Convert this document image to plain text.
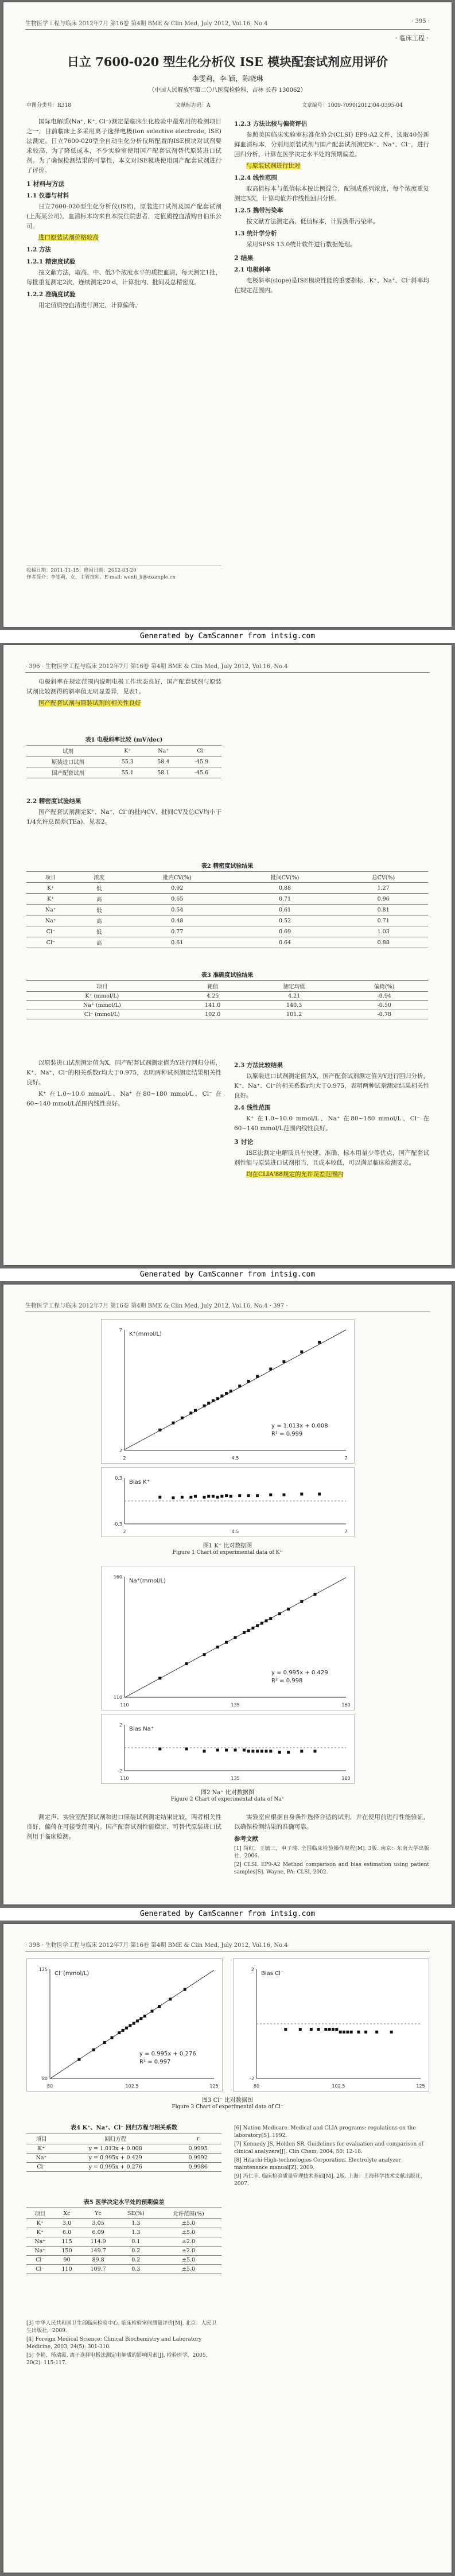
生物医学工程与临床 2012年7月 第16卷 第4期 BME & Clin Med, July 2012, Vol.16, No.4	· 395 ·
· 临床工程 ·
日立 7600-020 型生化分析仪 ISE 模块配套试剂应用评价
李雯莉，李 颖，陈晓琳
（中国人民解放军第二〇八医院检验科，吉林 长春 130062）
中图分类号：R318	文献标志码：A	文章编号：1009-7090(2012)04-0395-04

国际电解质(Na⁺, K⁺, Cl⁻)测定是临床生化检验中最常用的检测项目之一，目前临床上多采用离子选择电极(ion selective electrode, ISE)法测定。日立7600-020型全自动生化分析仪所配置的ISE模块对试剂要求较高，为了降低成本，不少实验室使用国产配套试剂替代原装进口试剂。为了确保检测结果的可靠性，本文对ISE模块使用国产配套试剂进行了评价。

1 材料与方法
1.1 仪器与材料

日立7600-020型生化分析仪(ISE)，原装进口试剂及国产配套试剂(上海某公司)，血清标本均来自本院住院患者，定值质控血清购自伯乐公司。

进口原装试剂价格较高

1.2 方法
1.2.1 精密度试验

按文献方法，取高、中、低3个浓度水平的质控血清，每天测定1批，每批重复测定2次，连续测定20 d，计算批内、批间及总精密度。

1.2.2 准确度试验

用定值质控血清进行测定，计算偏倚。

1.2.3 方法比较与偏倚评估

参照美国临床实验室标准化协会(CLSI) EP9-A2文件，选取40份新鲜血清标本，分别用原装试剂与国产配套试剂测定K⁺、Na⁺、Cl⁻，进行回归分析，计算在医学决定水平处的预期偏差。

与原装试剂进行比对

1.2.4 线性范围

取高值标本与低值标本按比例混合，配制成系列浓度，每个浓度重复测定3次，计算均值并作线性回归分析。

1.2.5 携带污染率

按文献方法测定高、低值标本，计算携带污染率。

1.3 统计学分析

采用SPSS 13.0统计软件进行数据处理。

2 结果
2.1 电极斜率

电极斜率(slope)是ISE模块性能的重要指标，K⁺、Na⁺、Cl⁻斜率均在规定范围内。

收稿日期：2011-11-15；修回日期：2012-03-20
作者简介：李雯莉，女，主管技师。E-mail: wenli_li@example.cn
Generated by CamScanner from intsig.com
· 396 · 生物医学工程与临床 2012年7月 第16卷 第4期 BME & Clin Med, July 2012, Vol.16, No.4

电极斜率在规定范围内说明电极工作状态良好，国产配套试剂与原装试剂比较测得的斜率值无明显差异，见表1。

国产配套试剂与原装试剂的相关性良好

表1 电极斜率比较 (mV/dec)
试剂	K⁺	Na⁺	Cl⁻
原装进口试剂	55.3	58.4	-45.9
国产配套试剂	55.1	58.1	-45.6
2.2 精密度试验结果

国产配套试剂测定K⁺、Na⁺、Cl⁻的批内CV、批间CV及总CV均小于1/4允许总误差(TEa)，见表2。

表2 精密度试验结果
项目	浓度	批内CV(%)	批间CV(%)	总CV(%)
K⁺	低	0.92	0.88	1.27
K⁺	高	0.65	0.71	0.96
Na⁺	低	0.54	0.61	0.81
Na⁺	高	0.48	0.52	0.71
Cl⁻	低	0.77	0.69	1.03
Cl⁻	高	0.61	0.64	0.88
表3 准确度试验结果
项目	靶值	测定均值	偏倚(%)
K⁺ (mmol/L)	4.25	4.21	-0.94
Na⁺ (mmol/L)	141.0	140.3	-0.50
Cl⁻ (mmol/L)	102.0	101.2	-0.78
2.3 方法比较结果

以原装进口试剂测定值为X，国产配套试剂测定值为Y进行回归分析，K⁺、Na⁺、Cl⁻的相关系数r均大于0.975，表明两种试剂测定结果相关性良好。

2.4 线性范围

K⁺ 在1.0~10.0 mmol/L、Na⁺ 在80~180 mmol/L、Cl⁻ 在60~140 mmol/L范围内线性良好。

3 讨论

ISE法测定电解质具有快速、准确、标本用量少等优点，国产配套试剂性能与原装进口试剂相当，且成本较低，可以满足临床检测要求。

均在CLIA'88规定的允许误差范围内

以原装进口试剂测定值为X，国产配套试剂测定值为Y进行回归分析，K⁺、Na⁺、Cl⁻的相关系数r均大于0.975，表明两种试剂测定结果相关性良好。

K⁺ 在1.0~10.0 mmol/L、Na⁺ 在80~180 mmol/L、Cl⁻ 在60~140 mmol/L范围内线性良好。

Generated by CamScanner from intsig.com
生物医学工程与临床 2012年7月 第16卷 第4期 BME & Clin Med, July 2012, Vol.16, No.4 · 397 ·
K⁺(mmol/L)
y = 1.013x + 0.008
R² = 0.999
2	4.5	7
2
7
Bias K⁺
2	4.5	7
-0.3
0.3
图1 K⁺ 比对数据图
Figure 1 Chart of experimental data of K⁺
Na⁺(mmol/L)
y = 0.995x + 0.429
R² = 0.998
110	135	160
110
160
Bias Na⁺
110	135	160
-2
2
图2 Na⁺ 比对数据图
Figure 2 Chart of experimental data of Na⁺

测定声、实验室配套试剂和进口原装试剂测定结果比较，两者相关性良好，偏倚在可接受范围内。国产配套试剂性能稳定，可替代原装进口试剂用于临床检测。

实验室应根据自身条件选择合适的试剂，并在使用前进行性能验证，以确保检测结果的准确可靠。

参考文献
[1] 尚红，王毓三，申子瑜. 全国临床检验操作规程[M]. 3版. 南京：东南大学出版社，2006.
[2] CLSI. EP9-A2 Method comparison and bias estimation using patient samples[S]. Wayne, PA: CLSI, 2002.
Generated by CamScanner from intsig.com
· 398 · 生物医学工程与临床 2012年7月 第16卷 第4期 BME & Clin Med, July 2012, Vol.16, No.4
Cl⁻(mmol/L)
y = 0.995x + 0.276
R² = 0.997
80	102.5	125
80
125
Bias Cl⁻
80	102.5	125
-2
2
图3 Cl⁻ 比对数据图
Figure 3 Chart of experimental data of Cl⁻
表4 K⁺、Na⁺、Cl⁻ 回归方程与相关系数
项目	回归方程	r
K⁺	y = 1.013x + 0.008	0.9995
Na⁺	y = 0.995x + 0.429	0.9992
Cl⁻	y = 0.995x + 0.276	0.9986
表5 医学决定水平处的预期偏差
项目	Xc	Yc	SE(%)	允许范围(%)
K⁺	3.0	3.05	1.3	±5.0
K⁺	6.0	6.09	1.3	±5.0
Na⁺	115	114.9	0.1	±2.0
Na⁺	150	149.7	0.2	±2.0
Cl⁻	90	89.8	0.2	±5.0
Cl⁻	110	109.7	0.3	±5.0
[3] 中华人民共和国卫生部临床检验中心. 临床检验室间质量评价[M]. 北京：人民卫生出版社，2009.
[4] Foreign Medical Science: Clinical Biochemistry and Laboratory Medicine, 2003, 24(5): 301-310.
[5] 李艳，杨瑞霞. 离子选择电极法测定电解质的影响因素[J]. 检验医学，2005, 20(2): 115-117.
[6] Nation Medicare. Medical and CLIA programs: regulations on the laboratory[S]. 1992.
[7] Kennedy JS, Holden SR. Guidelines for evaluation and comparison of clinical analyzers[J]. Clin Chem, 2004, 50: 12-18.
[8] Hitachi High-technologies Corporation. Electrolyte analyzer maintenance manual[Z]. 2009.
[9] 冯仁丰. 临床检验质量管理技术基础[M]. 2版. 上海：上海科学技术文献出版社，2007.
